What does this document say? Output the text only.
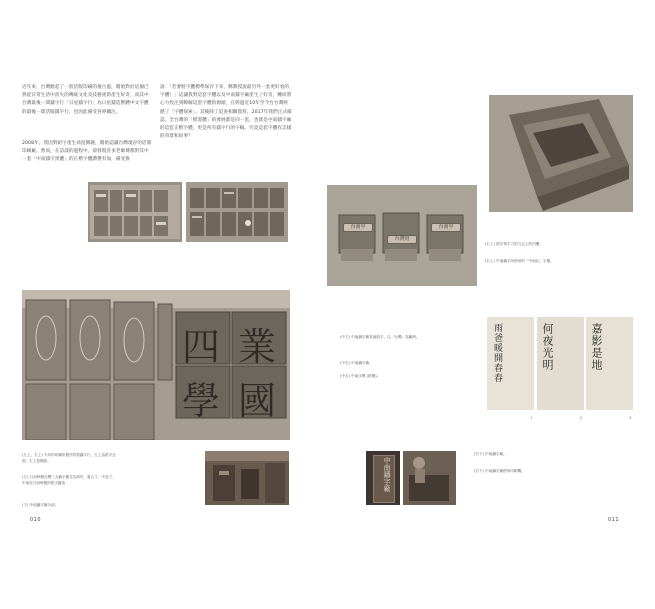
近年來，台灣掀起了一股活版印刷的復古風，開始對於這個已然從日常生活中消失的傳統文化及技藝重新產生好奇，而其中台灣最後一間鑄字行「日星鑄字行」為日星鑄造繁體中文字體的最後一間活版鑄字行，也因此備受各界關注。
2008年，我因對鉛字產生高度興趣，開始認識台灣現存的活版印刷廠。然而，在訪談的過程中，卻發現許多老師傅都對其中一套「中南鑄字黑體」的正楷字體讚譽有加，備受推
說：「若要將字體標準保存下來，鄭教授說最另外一套更好看的字體！」這讓我對這套字體以及中南鑄字廠產生了好奇，轉而將心力投注到瞭解這套字體的源頭，在經過近10年至今台台灣經歷了「字體探索」，其後除了追查相關資料，2017年我們正式確認，全台灣的「楷書體」的發展都是同一套，也就是中南鑄字廠的這套正楷字體，更是所有鑄字行的字稿。究竟這套字體有怎樣的背景和故事？
四 業
學 國
(左上、右上) 不同的印鑄所製作的鉛鑄字行，左上為鉛字正面，右上是側面。
(左) 日治時期台灣三大鑄字廠在長兩吋、寬五寸、中長寸，中南在日治時期的鉛字鑄造
(下) 中南鑄字廠內部。
010
台南中
台灣府
台南中
(右上) 鉛字刻字刀的刀尖上的凹槽。
(右上) 中南鑄字所使用的「中南社」字模。
(中左) 中南鑄字廠其他鉛字，以「台灣」為範例。
(中右) 中南鑄字廠。
(中右) 中南字模 (鉛模)。	雨爸暖開春春	何夜光明	嘉影是地
1	2	3
中南鑄字廠
(右下) 中南鑄字廠。
(右下) 中南鑄字廠使用印刷機。
011
